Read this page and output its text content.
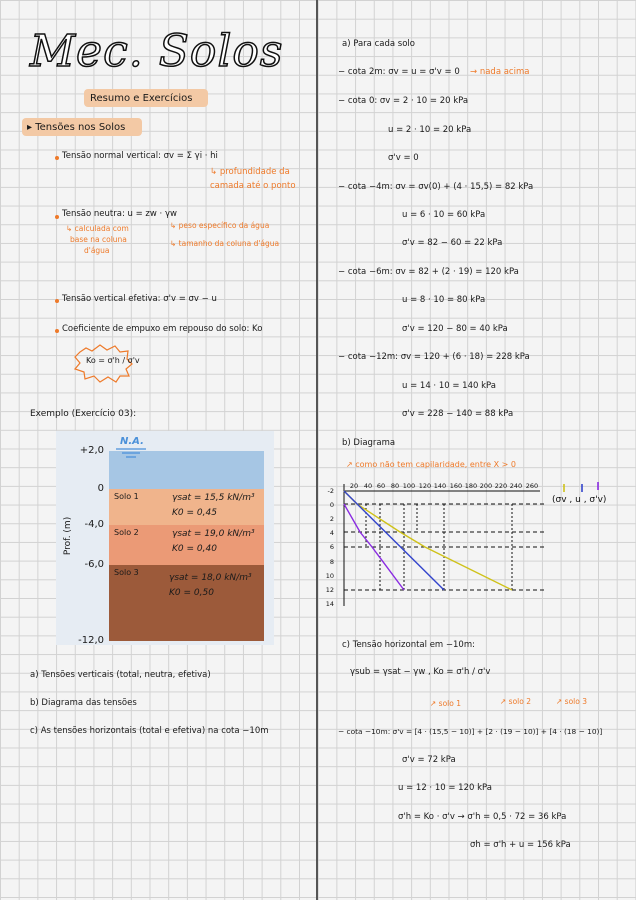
Mec. Solos
Resumo e Exercícios
▸ Tensões nos Solos
Tensão normal vertical: σv = Σ γi · hi
↳ profundidade da
camada até o ponto
Tensão neutra: u = zw · γw
↳ calculada com
base na coluna
d'água
↳ peso específico da água
↳ tamanho da coluna d'água
Tensão vertical efetiva: σ'v = σv − u
Coeficiente de empuxo em repouso do solo: Ko
Ko = σ'h / σ'v
Exemplo (Exercício 03):
Solo 1	γsat = 15,5 kN/m³
K0 = 0,45
Solo 2	γsat = 19,0 kN/m³
K0 = 0,40
Solo 3
γsat = 18,0 kN/m³
K0 = 0,50
N.A.
+2,0
0
-4,0
-6,0
-12,0
Prof. (m)
a) Tensões verticais (total, neutra, efetiva)
b) Diagrama das tensões
c) As tensões horizontais (total e efetiva) na cota −10m
a) Para cada solo
− cota 2m: σv = u = σ'v = 0 → nada acima
− cota 0: σv = 2 · 10 = 20 kPa
u = 2 · 10 = 20 kPa
σ'v = 0
− cota −4m: σv = σv(0) + (4 · 15,5) = 82 kPa
u = 6 · 10 = 60 kPa
σ'v = 82 − 60 = 22 kPa
− cota −6m: σv = 82 + (2 · 19) = 120 kPa
u = 8 · 10 = 80 kPa
σ'v = 120 − 80 = 40 kPa
− cota −12m: σv = 120 + (6 · 18) = 228 kPa
u = 14 · 10 = 140 kPa
σ'v = 228 − 140 = 88 kPa
b) Diagrama
↗ como não tem capilaridade, entre X > 0
20 40 60 80 100 120 140 160 180 200 220 240 260
-2
0
2
4
6
8
10
12
14
(σv , u , σ'v)
c) Tensão horizontal em −10m:
γsub = γsat − γw , Ko = σ'h / σ'v
↗ solo 1	↗ solo 2	↗ solo 3
− cota −10m: σ'v = [4 · (15,5 − 10)] + [2 · (19 − 10)] + [4 · (18 − 10)]
σ'v = 72 kPa
u = 12 · 10 = 120 kPa
σ'h = Ko · σ'v → σ'h = 0,5 · 72 = 36 kPa
σh = σ'h + u = 156 kPa
